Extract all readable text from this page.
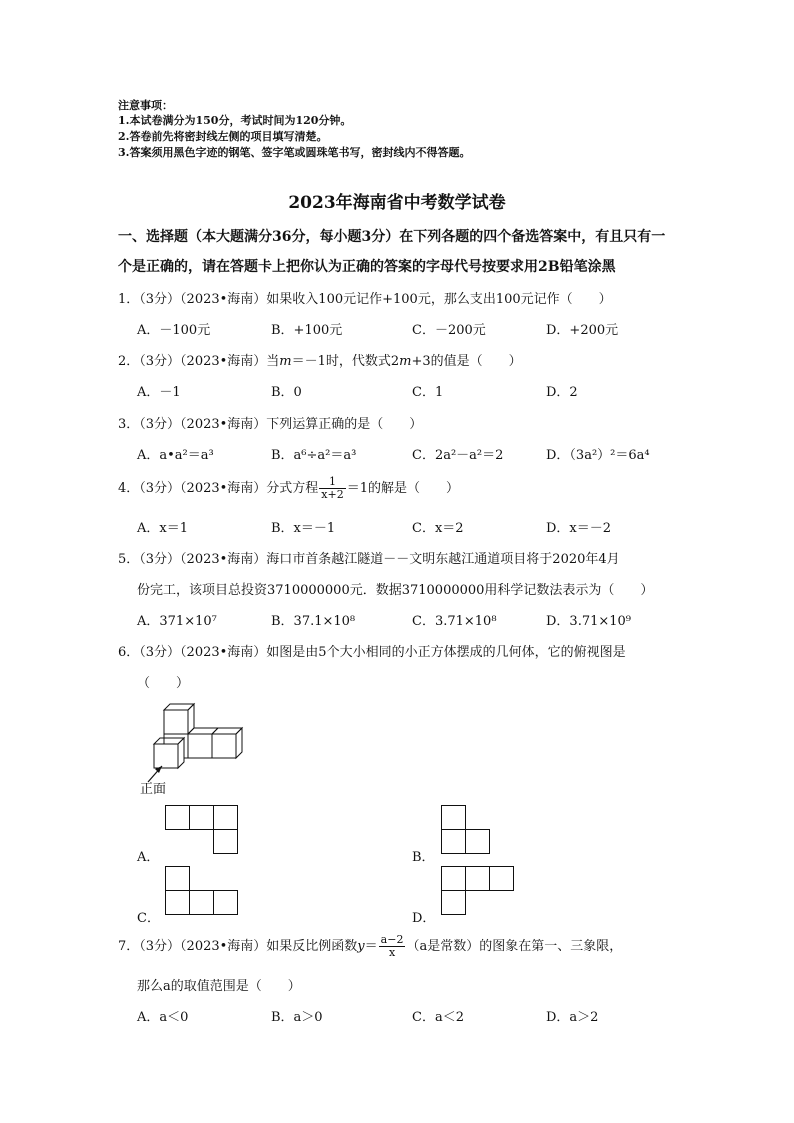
注意事项：
1.本试卷满分为150分，考试时间为120分钟。
2.答卷前先将密封线左侧的项目填写清楚。
3.答案须用黑色字迹的钢笔、签字笔或圆珠笔书写，密封线内不得答题。
2023年海南省中考数学试卷
一、选择题（本大题满分36分，每小题3分）在下列各题的四个备选答案中，有且只有一
个是正确的，请在答题卡上把你认为正确的答案的字母代号按要求用2B铅笔涂黑
1．（3分）（2023•海南）如果收入100元记作+100元，那么支出100元记作（　　）
A．－100元	B．+100元	C．－200元	D．+200元
2．（3分）（2023•海南）当m＝－1时，代数式2m+3的值是（　　）
A．－1	B．0	C．1	D．2
3．（3分）（2023•海南）下列运算正确的是（　　）
A．a•a²＝a³	B．a⁶÷a²＝a³	C．2a²－a²＝2	D．（3a²）²＝6a⁴
4．（3分）（2023•海南）分式方程 $\frac{1}{x+2} =1$的解是（　　）
A．x＝1	B．x＝－1	C．x＝2	D．x＝－2
5．（3分）（2023•海南）海口市首条越江隧道－－文明东越江通道项目将于2020年4月
份完工，该项目总投资3710000000元．数据3710000000用科学记数法表示为（　　）
A．371×10⁷	B．37.1×10⁸	C．3.71×10⁸	D．3.71×10⁹
6．（3分）（2023•海南）如图是由5个大小相同的小正方体摆成的几何体，它的俯视图是
（　　）
正面
A．	B．
C．	D．
7．（3分）（2023•海南）如果反比例函数$y= \frac{a-2}{x} (a$是常数）的图象在第一、三象限，
那么a的取值范围是（　　）
A．a＜0	B．a＞0	C．a＜2	D．a＞2
